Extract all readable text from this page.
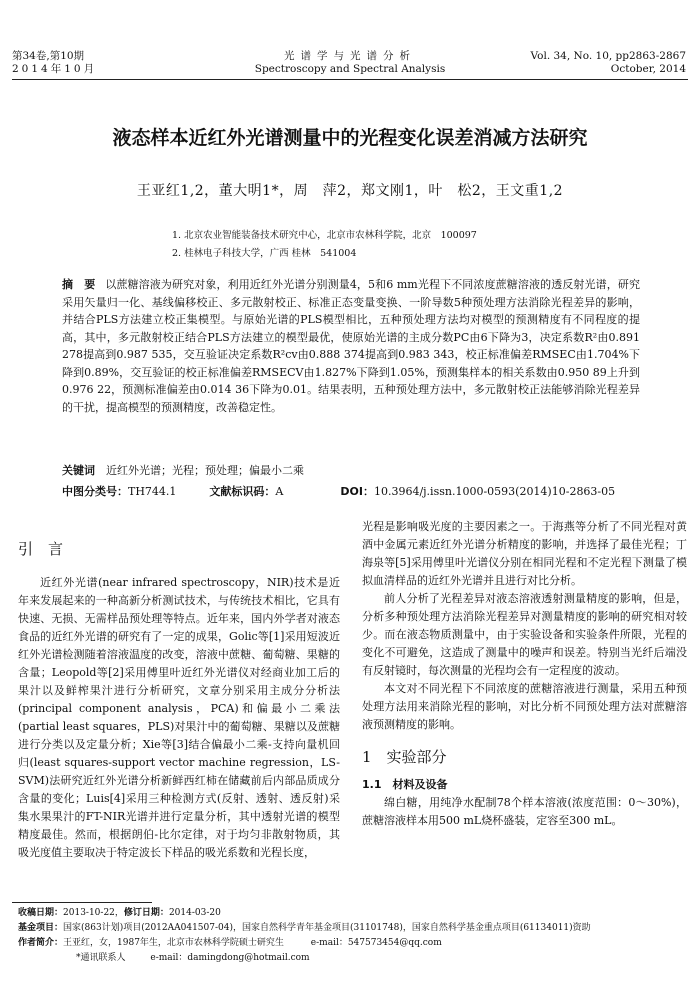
第34卷,第10期
2014年10月
光谱学与光谱分析
Spectroscopy and Spectral Analysis
Vol. 34, No. 10, pp2863-2867
October, 2014
液态样本近红外光谱测量中的光程变化误差消减方法研究
王亚红1,2，董大明1*，周　萍2，郑文刚1，叶　松2，王文重1,2
1. 北京农业智能装备技术研究中心，北京市农林科学院，北京　100097
2. 桂林电子科技大学，广西 桂林　541004
摘　要 以蔗糖溶液为研究对象，利用近红外光谱分别测量4，5和6 mm光程下不同浓度蔗糖溶液的透反射光谱，研究采用矢量归一化、基线偏移校正、多元散射校正、标准正态变量变换、一阶导数5种预处理方法消除光程差异的影响，并结合PLS方法建立校正集模型。与原始光谱的PLS模型相比，五种预处理方法均对模型的预测精度有不同程度的提高，其中，多元散射校正结合PLS方法建立的模型最优，使原始光谱的主成分数PC由6下降为3，决定系数R²由0.891 278提高到0.987 535，交互验证决定系数R²cv由0.888 374提高到0.983 343，校正标准偏差RMSEC由1.704%下降到0.89%，交互验证的校正标准偏差RMSECV由1.827%下降到1.05%，预测集样本的相关系数由0.950 89上升到0.976 22，预测标准偏差由0.014 36下降为0.01。结果表明，五种预处理方法中，多元散射校正法能够消除光程差异的干扰，提高模型的预测精度，改善稳定性。
关键词　 近红外光谱；光程；预处理；偏最小二乘
中图分类号：TH744.1	文献标识码：A	DOI：10.3964/j.issn.1000-0593(2014)10-2863-05
引　言

近红外光谱(near infrared spectroscopy，NIR)技术是近年来发展起来的一种高新分析测试技术，与传统技术相比，它具有快速、无损、无需样品预处理等特点。近年来，国内外学者对液态食品的近红外光谱的研究有了一定的成果，Golic等[1]采用短波近红外光谱检测随着溶液温度的改变，溶液中蔗糖、葡萄糖、果糖的含量；Leopold等[2]采用傅里叶近红外光谱仪对经商业加工后的果汁以及鲜榨果汁进行分析研究，文章分别采用主成分分析法(principal component analysis，PCA)和偏最小二乘法(partial least squares，PLS)对果汁中的葡萄糖、果糖以及蔗糖进行分类以及定量分析；Xie等[3]结合偏最小二乘-支持向量机回归(least squares-support vector machine regression，LS-SVM)法研究近红外光谱分析新鲜西红柿在储藏前后内部品质成分含量的变化；Luis[4]采用三种检测方式(反射、透射、透反射)采集水果果汁的FT-NIR光谱并进行定量分析，其中透射光谱的模型精度最佳。然而，根据朗伯-比尔定律，对于均匀非散射物质，其吸光度值主要取决于特定波长下样品的吸光系数和光程长度，

光程是影响吸光度的主要因素之一。于海燕等分析了不同光程对黄酒中金属元素近红外光谱分析精度的影响，并选择了最佳光程；丁海泉等[5]采用傅里叶光谱仪分别在相同光程和不定光程下测量了模拟血清样品的近红外光谱并且进行对比分析。

前人分析了光程差异对液态溶液透射测量精度的影响，但是，分析多种预处理方法消除光程差异对测量精度的影响的研究相对较少。而在液态物质测量中，由于实验设备和实验条件所限，光程的变化不可避免，这造成了测量中的噪声和误差。特别当光纤后端没有反射镜时，每次测量的光程均会有一定程度的波动。

本文对不同光程下不同浓度的蔗糖溶液进行测量，采用五种预处理方法用来消除光程的影响，对比分析不同预处理方法对蔗糖溶液预测精度的影响。

1　实验部分
1.1　材料及设备

绵白糖，用纯净水配制78个样本溶液(浓度范围：0～30%)，蔗糖溶液样本用500 mL烧杯盛装，定容至300 mL。

收稿日期：2013-10-22，修订日期：2014-03-20
基金项目：国家(863计划)项目(2012AA041507-04)，国家自然科学青年基金项目(31101748)，国家自然科学基金重点项目(61134011)资助
作者简介：王亚红，女，1987年生，北京市农林科学院硕士研究生	e-mail：547573454@qq.com
*通讯联系人	e-mail：damingdong@hotmail.com
